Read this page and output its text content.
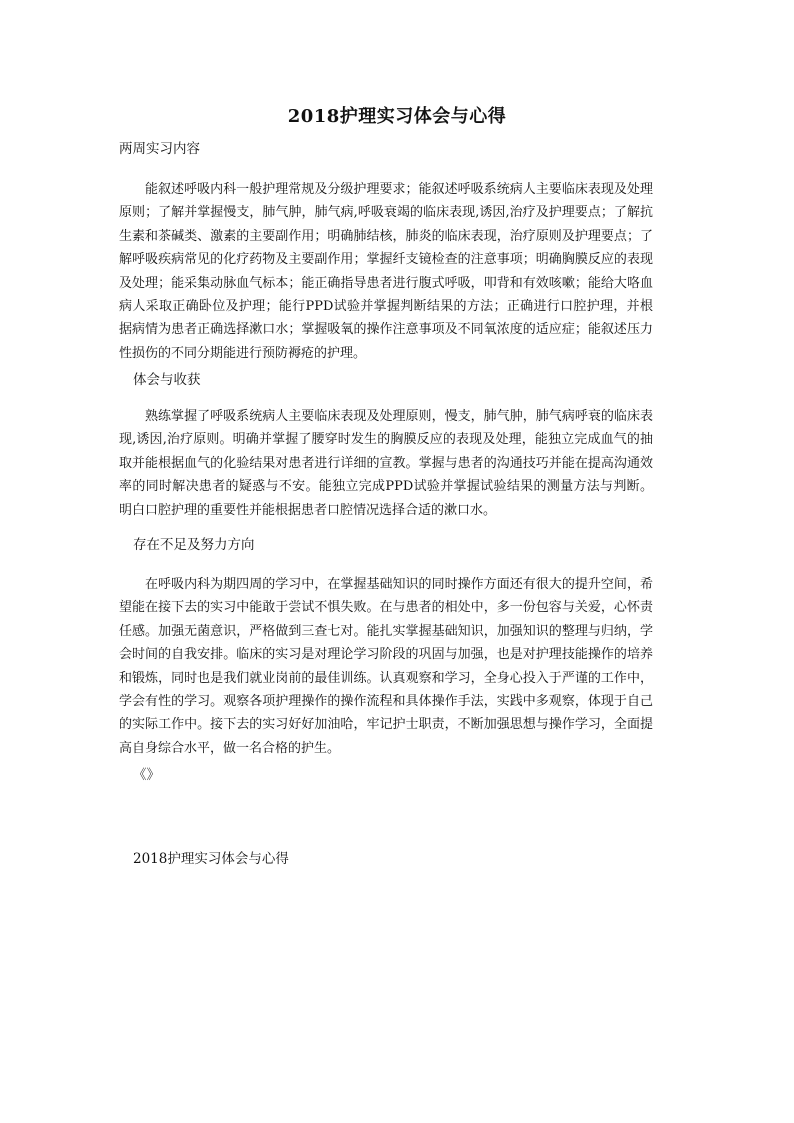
2018护理实习体会与心得
两周实习内容
能叙述呼吸内科一般护理常规及分级护理要求；能叙述呼吸系统病人主要临床表现及处理原则；了解并掌握慢支，肺气肿，肺气病,呼吸衰竭的临床表现,诱因,治疗及护理要点；了解抗生素和茶碱类、激素的主要副作用；明确肺结核，肺炎的临床表现，治疗原则及护理要点；了解呼吸疾病常见的化疗药物及主要副作用；掌握纤支镜检查的注意事项；明确胸膜反应的表现及处理；能采集动脉血气标本；能正确指导患者进行腹式呼吸，叩背和有效咳嗽；能给大咯血病人采取正确卧位及护理；能行PPD试验并掌握判断结果的方法；正确进行口腔护理，并根据病情为患者正确选择漱口水；掌握吸氧的操作注意事项及不同氧浓度的适应症；能叙述压力性损伤的不同分期能进行预防褥疮的护理。
体会与收获
熟练掌握了呼吸系统病人主要临床表现及处理原则，慢支，肺气肿，肺气病呼衰的临床表现,诱因,治疗原则。明确并掌握了腰穿时发生的胸膜反应的表现及处理，能独立完成血气的抽取并能根据血气的化验结果对患者进行详细的宣教。掌握与患者的沟通技巧并能在提高沟通效率的同时解决患者的疑惑与不安。能独立完成PPD试验并掌握试验结果的测量方法与判断。明白口腔护理的重要性并能根据患者口腔情况选择合适的漱口水。
存在不足及努力方向
在呼吸内科为期四周的学习中，在掌握基础知识的同时操作方面还有很大的提升空间，希望能在接下去的实习中能敢于尝试不惧失败。在与患者的相处中，多一份包容与关爱，心怀责任感。加强无菌意识，严格做到三查七对。能扎实掌握基础知识，加强知识的整理与归纳，学会时间的自我安排。临床的实习是对理论学习阶段的巩固与加强，也是对护理技能操作的培养和锻炼，同时也是我们就业岗前的最佳训练。认真观察和学习，全身心投入于严谨的工作中，学会有性的学习。观察各项护理操作的操作流程和具体操作手法，实践中多观察，体现于自己的实际工作中。接下去的实习好好加油哈，牢记护士职责，不断加强思想与操作学习，全面提高自身综合水平，做一名合格的护生。
《》
2018护理实习体会与心得
